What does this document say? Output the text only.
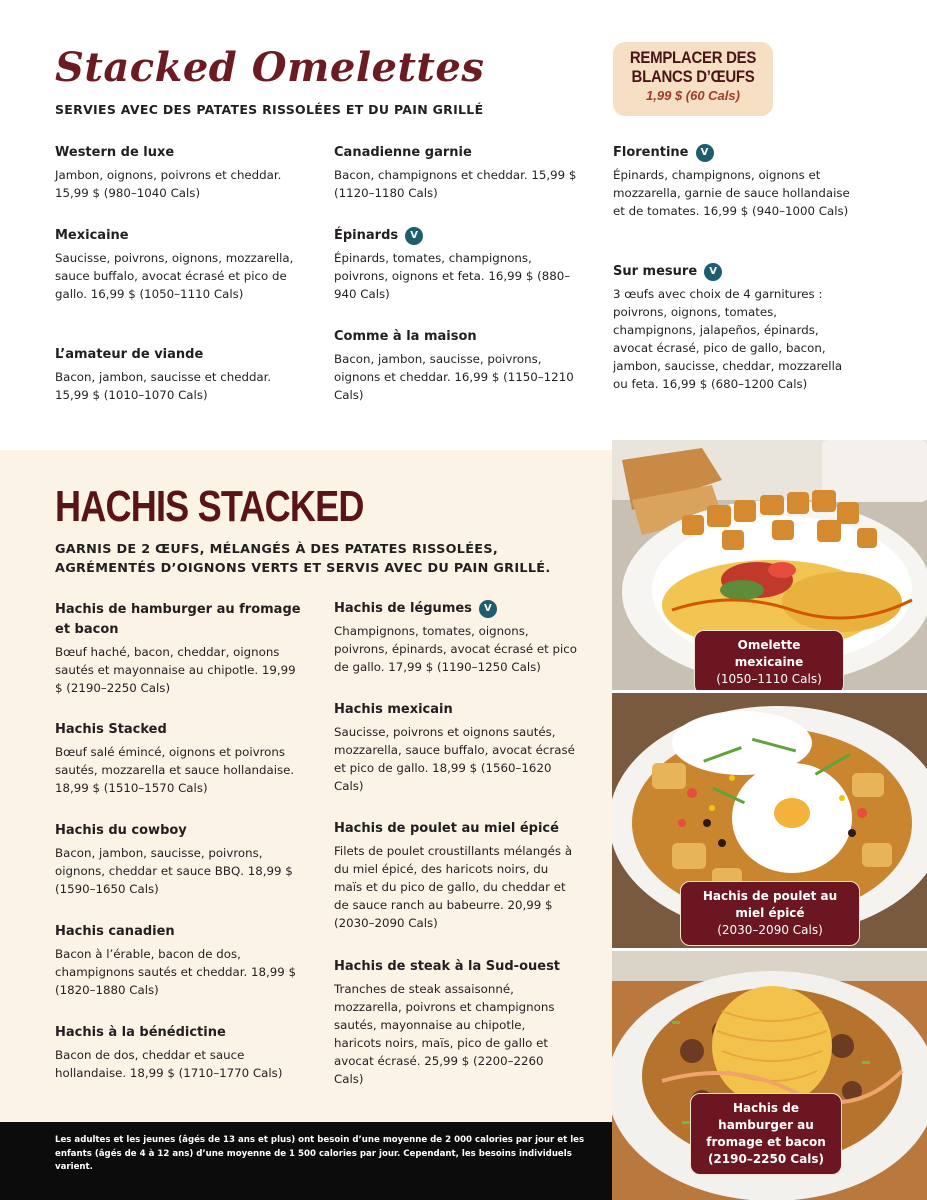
Stacked Omelettes
SERVIES AVEC DES PATATES RISSOLÉES ET DU PAIN GRILLÉ
REMPLACER DES
BLANCS D’ŒUFS
1,99 $ (60 Cals)
Western de luxe
Jambon, oignons, poivrons et cheddar. 15,99 $ (980–1040 Cals)
Mexicaine
Saucisse, poivrons, oignons, mozzarella, sauce buffalo, avocat écrasé et pico de gallo. 16,99 $ (1050–1110 Cals)
L’amateur de viande
Bacon, jambon, saucisse et cheddar. 15,99 $ (1010–1070 Cals)
Canadienne garnie
Bacon, champignons et cheddar. 15,99 $ (1120–1180 Cals)
Épinards	V
Épinards, tomates, champignons, poivrons, oignons et feta. 16,99 $ (880–940 Cals)
Comme à la maison
Bacon, jambon, saucisse, poivrons, oignons et cheddar. 16,99 $ (1150–1210 Cals)
Florentine	V
Épinards, champignons, oignons et mozzarella, garnie de sauce hollandaise et de tomates. 16,99 $ (940–1000 Cals)
Sur mesure	V
3 œufs avec choix de 4 garnitures : poivrons, oignons, tomates, champignons, jalapeños, épinards, avocat écrasé, pico de gallo, bacon, jambon, saucisse, cheddar, mozzarella ou feta. 16,99 $ (680–1200 Cals)
HACHIS STACKED
GARNIS DE 2 ŒUFS, MÉLANGÉS À DES PATATES RISSOLÉES, AGRÉMENTÉS D’OIGNONS VERTS ET SERVIS AVEC DU PAIN GRILLÉ.
Hachis de hamburger au fromage et bacon
Bœuf haché, bacon, cheddar, oignons sautés et mayonnaise au chipotle. 19,99 $ (2190–2250 Cals)
Hachis Stacked
Bœuf salé émincé, oignons et poivrons sautés, mozzarella et sauce hollandaise. 18,99 $ (1510–1570 Cals)
Hachis du cowboy
Bacon, jambon, saucisse, poivrons, oignons, cheddar et sauce BBQ. 18,99 $ (1590–1650 Cals)
Hachis canadien
Bacon à l’érable, bacon de dos, champignons sautés et cheddar. 18,99 $ (1820–1880 Cals)
Hachis à la bénédictine
Bacon de dos, cheddar et sauce hollandaise. 18,99 $ (1710–1770 Cals)
Hachis de légumes	V
Champignons, tomates, oignons, poivrons, épinards, avocat écrasé et pico de gallo. 17,99 $ (1190–1250 Cals)
Hachis mexicain
Saucisse, poivrons et oignons sautés, mozzarella, sauce buffalo, avocat écrasé et pico de gallo. 18,99 $ (1560–1620 Cals)
Hachis de poulet au miel épicé
Filets de poulet croustillants mélangés à du miel épicé, des haricots noirs, du maïs et du pico de gallo, du cheddar et de sauce ranch au babeurre. 20,99 $ (2030–2090 Cals)
Hachis de steak à la Sud-ouest
Tranches de steak assaisonné, mozzarella, poivrons et champignons sautés, mayonnaise au chipotle, haricots noirs, maïs, pico de gallo et avocat écrasé. 25,99 $ (2200–2260 Cals)
Omelette mexicaine
(1050–1110 Cals)
Hachis de poulet au miel épicé
(2030–2090 Cals)
Hachis de hamburger au fromage et bacon
(2190–2250 Cals)
Les adultes et les jeunes (âgés de 13 ans et plus) ont besoin d’une moyenne de 2 000 calories par jour et les enfants (âgés de 4 à 12 ans) d’une moyenne de 1 500 calories par jour. Cependant, les besoins individuels varient.
